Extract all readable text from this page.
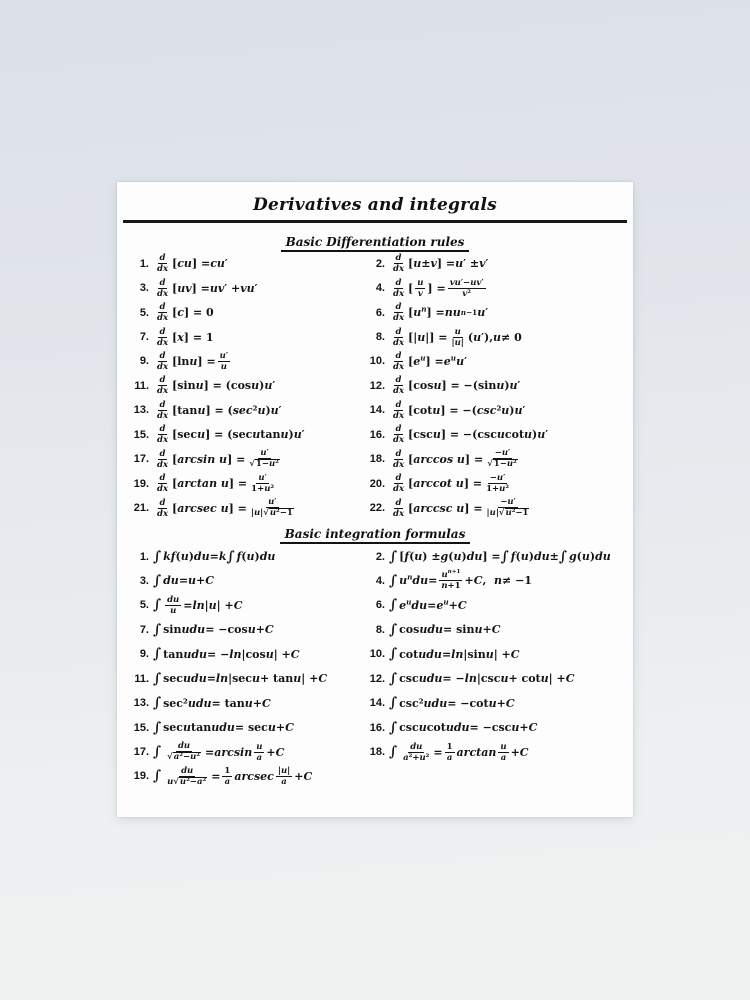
Derivatives and integrals
Basic Differentiation rules
1. d
dx [ cu ] = cu ′	2. d
dx [ u ± v ] = u ′ ± v ′
3. d
dx [ uv ] = uv ′ + vu ′	4. d
dx [ u
v ] = vu′−uv′
v²
5. d
dx [ c ] = 0	6. d
dx [ $u^n$ ] = nu n−1 u ′
7. d
dx [ x ] = 1	8. d
dx [| u |] = u
|u| ( u ′), u ≠ 0
9. d
dx [ln u ] = u′
u	10. d
dx [ $e^u$ ] = $e^uu$ ′
11. d
dx [sin u ] = (cos u ) u ′	12. d
dx [cos u ] = −(sin u ) u ′
13. d
dx [tan u ] = ( sec ² u ) u ′	14. d
dx [cot u ] = −( csc ² u ) u ′
15. d
dx [sec u ] = (sec u tan u ) u ′	16. d
dx [csc u ] = −(csc u cot u ) u ′
17. d
dx [ arcsin u ] = u′
√1−u²	18. d
dx [ arccos u ] = −u′
√1−u²
19. d
dx [ arctan u ] = u′
1+u²	20. d
dx [ arccot u ] = −u′
1+u²
21. d
dx [ arcsec u ] = u′
|u|√u²−1	22. d
dx [ arccsc u ] = −u′
|u|√u²−1
Basic integration formulas
1. ∫ kf ( u ) du = k ∫ f ( u ) du	2. ∫ [ f ( u ) ± g ( u ) du ] = ∫ f ( u ) du ± ∫ g ( u ) du
3. ∫ du = u + C	4. ∫ $u^n$ du = $u^{n+1}$
n+1 + C , n ≠ −1
5. ∫ du
u = ln | u | + C	6. ∫ $e^u$ du = $e^u + C$
7. ∫ sin u du = −cos u + C	8. ∫ cos u du = sin u + C
9. ∫ tan u du = − ln |cos u | + C	10. ∫ cot u du = ln |sin u | + C
11. ∫ sec u du = ln |sec u + tan u | + C	12. ∫ csc u du = − ln |csc u + cot u | + C
13. ∫ sec² u du = tan u + C	14. ∫ csc² u du = −cot u + C
15. ∫ sec u tan u du = sec u + C	16. ∫ csc u cot u du = −csc u + C
17. ∫ du
√a²−u² = arcsin u
a + C	18. ∫ du
a²+u² = 1
a arctan u
a + C
19. ∫ du
u√u²−a² = 1
a arcsec |u|
a + C
